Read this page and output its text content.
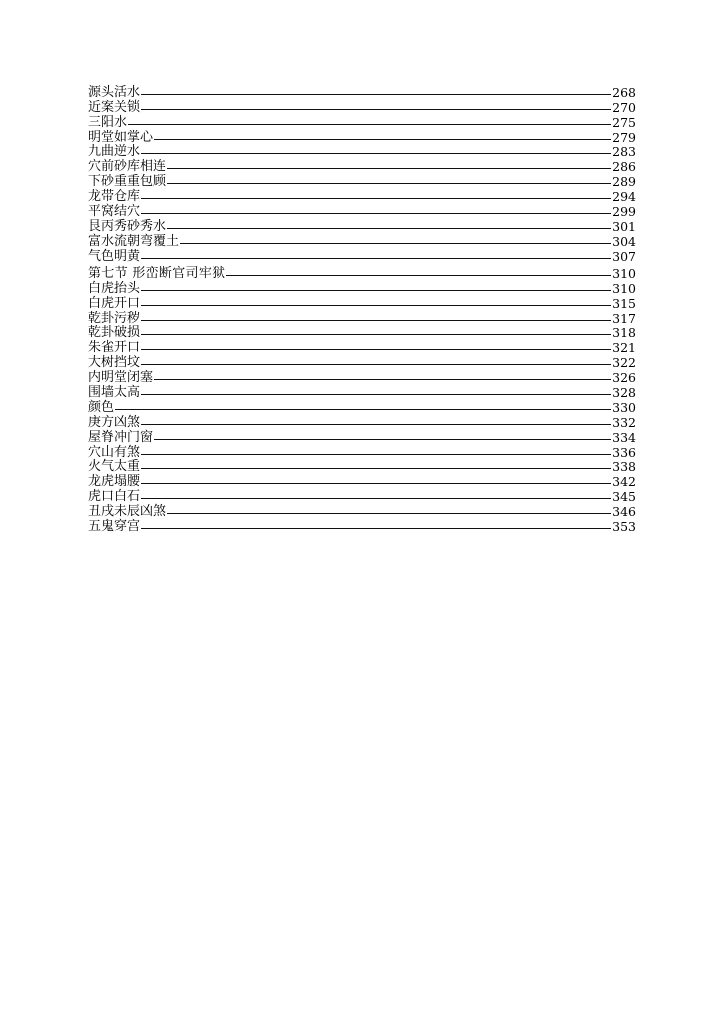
源头活水	268
近案关锁	270
三阳水	275
明堂如掌心	279
九曲逆水	283
穴前砂库相连	286
下砂重重包顾	289
龙带仓库	294
平窝结穴	299
艮丙秀砂秀水	301
富水流朝弯覆土	304
气色明黄	307
第七节 形峦断官司牢狱	310
白虎抬头	310
白虎开口	315
乾卦污秽	317
乾卦破损	318
朱雀开口	321
大树挡坟	322
内明堂闭塞	326
围墙太高	328
颜色	330
庚方凶煞	332
屋脊冲门窗	334
穴山有煞	336
火气太重	338
龙虎塌腰	342
虎口白石	345
丑戌未辰凶煞	346
五鬼穿宫	353
